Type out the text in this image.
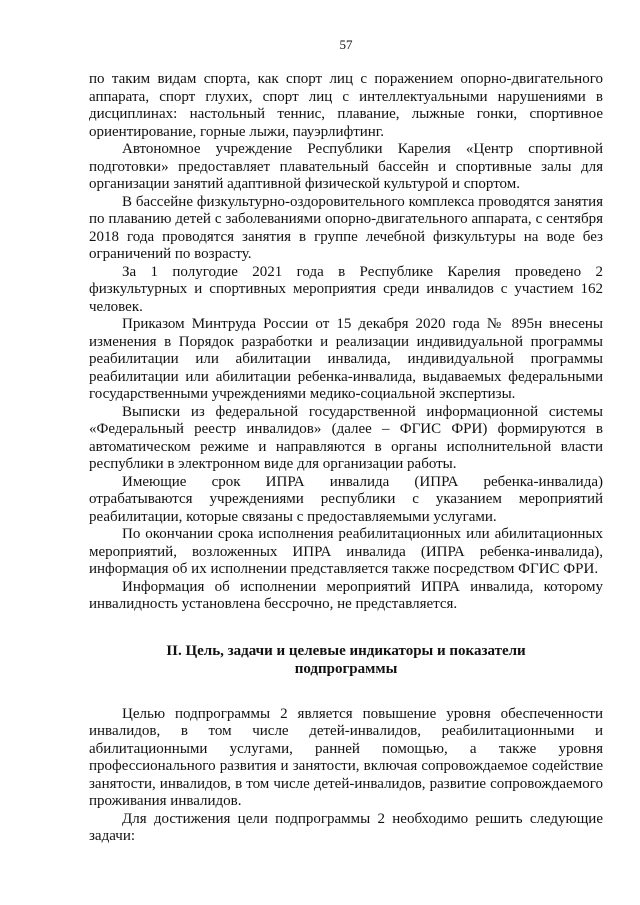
57

по таким видам спорта, как спорт лиц с поражением опорно-двигательного аппарата, спорт глухих, спорт лиц с интеллектуальными нарушениями в дисциплинах: настольный теннис, плавание, лыжные гонки, спортивное ориентирование, горные лыжи, пауэрлифтинг.

Автономное учреждение Республики Карелия «Центр спортивной подготовки» предоставляет плавательный бассейн и спортивные залы для организации занятий адаптивной физической культурой и спортом.

В бассейне физкультурно-оздоровительного комплекса проводятся занятия по плаванию детей с заболеваниями опорно-двигательного аппарата, с сентября 2018 года проводятся занятия в группе лечебной физкультуры на воде без ограничений по возрасту.

За 1 полугодие 2021 года в Республике Карелия проведено 2 физкультурных и спортивных мероприятия среди инвалидов с участием 162 человек.

Приказом Минтруда России от 15 декабря 2020 года № 895н внесены изменения в Порядок разработки и реализации индивидуальной программы реабилитации или абилитации инвалида, индивидуальной программы реабилитации или абилитации ребенка-инвалида, выдаваемых федеральными государственными учреждениями медико-социальной экспертизы.

Выписки из федеральной государственной информационной системы «Федеральный реестр инвалидов» (далее – ФГИС ФРИ) формируются в автоматическом режиме и направляются в органы исполнительной власти республики в электронном виде для организации работы.

Имеющие срок ИПРА инвалида (ИПРА ребенка-инвалида) отрабатываются учреждениями республики с указанием мероприятий реабилитации, которые связаны с предоставляемыми услугами.

По окончании срока исполнения реабилитационных или абилитационных мероприятий, возложенных ИПРА инвалида (ИПРА ребенка-инвалида), информация об их исполнении представляется также посредством ФГИС ФРИ.

Информация об исполнении мероприятий ИПРА инвалида, которому инвалидность установлена бессрочно, не представляется.

II. Цель, задачи и целевые индикаторы и показатели
подпрограммы

Целью подпрограммы 2 является повышение уровня обеспеченности инвалидов, в том числе детей-инвалидов, реабилитационными и абилитационными услугами, ранней помощью, а также уровня профессионального развития и занятости, включая сопровождаемое содействие занятости, инвалидов, в том числе детей-инвалидов, развитие сопровождаемого проживания инвалидов.

Для достижения цели подпрограммы 2 необходимо решить следующие задачи:
